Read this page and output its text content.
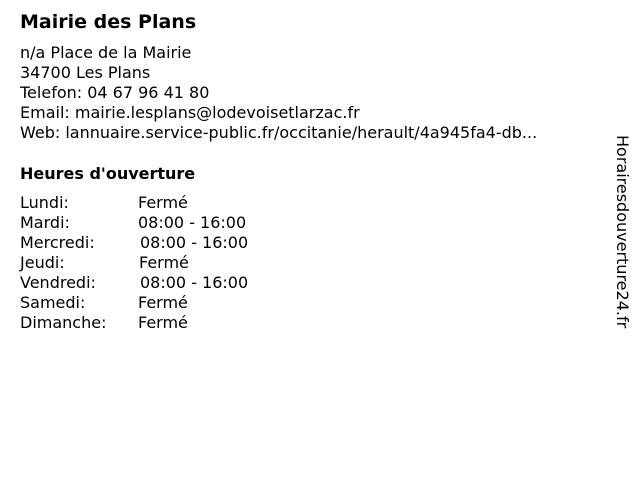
Mairie des Plans
n/a Place de la Mairie
34700 Les Plans
Telefon: 04 67 96 41 80
Email: mairie.lesplans@lodevoisetlarzac.fr
Web: lannuaire.service-public.fr/occitanie/herault/4a945fa4-db...
Heures d'ouverture
Lundi:	Fermé
Mardi:	08:00 - 16:00
Mercredi:	08:00 - 16:00
Jeudi:	Fermé
Vendredi:	08:00 - 16:00
Samedi:	Fermé
Dimanche:	Fermé	Horairesdouverture24.fr
